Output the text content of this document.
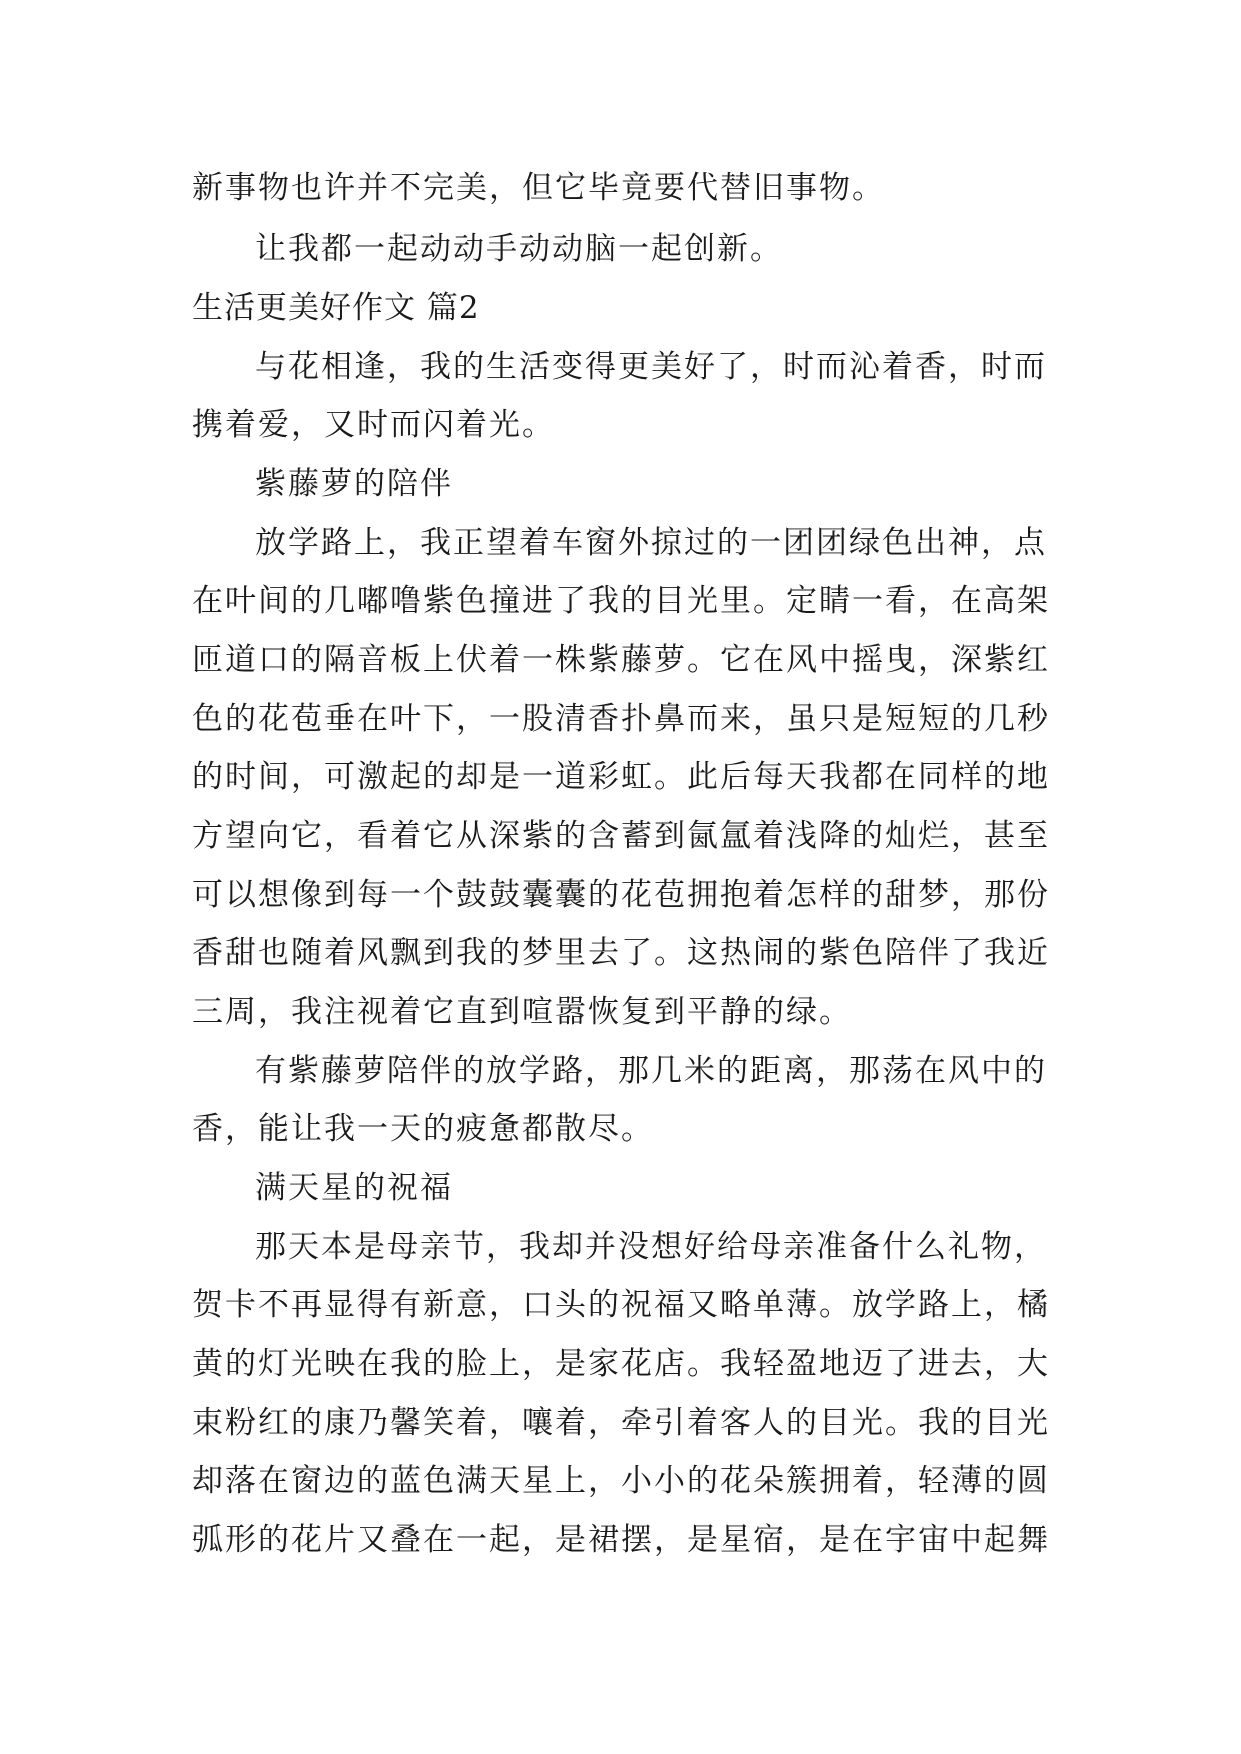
新事物也许并不完美，但它毕竟要代替旧事物。

让我都一起动动手动动脑一起创新。

生活更美好作文 篇2

与花相逢，我的生活变得更美好了，时而沁着香，时而

携着爱，又时而闪着光。

紫藤萝的陪伴

放学路上，我正望着车窗外掠过的一团团绿色出神，点

在叶间的几嘟噜紫色撞进了我的目光里。定睛一看，在高架

匝道口的隔音板上伏着一株紫藤萝。它在风中摇曳，深紫红

色的花苞垂在叶下，一股清香扑鼻而来，虽只是短短的几秒

的时间，可激起的却是一道彩虹。此后每天我都在同样的地

方望向它，看着它从深紫的含蓄到氤氲着浅降的灿烂，甚至

可以想像到每一个鼓鼓囊囊的花苞拥抱着怎样的甜梦，那份

香甜也随着风飘到我的梦里去了。这热闹的紫色陪伴了我近

三周，我注视着它直到喧嚣恢复到平静的绿。

有紫藤萝陪伴的放学路，那几米的距离，那荡在风中的

香，能让我一天的疲惫都散尽。

满天星的祝福

那天本是母亲节，我却并没想好给母亲准备什么礼物，

贺卡不再显得有新意，口头的祝福又略单薄。放学路上，橘

黄的灯光映在我的脸上，是家花店。我轻盈地迈了进去，大

束粉红的康乃馨笑着，嚷着，牵引着客人的目光。我的目光

却落在窗边的蓝色满天星上，小小的花朵簇拥着，轻薄的圆

弧形的花片又叠在一起，是裙摆，是星宿，是在宇宙中起舞
